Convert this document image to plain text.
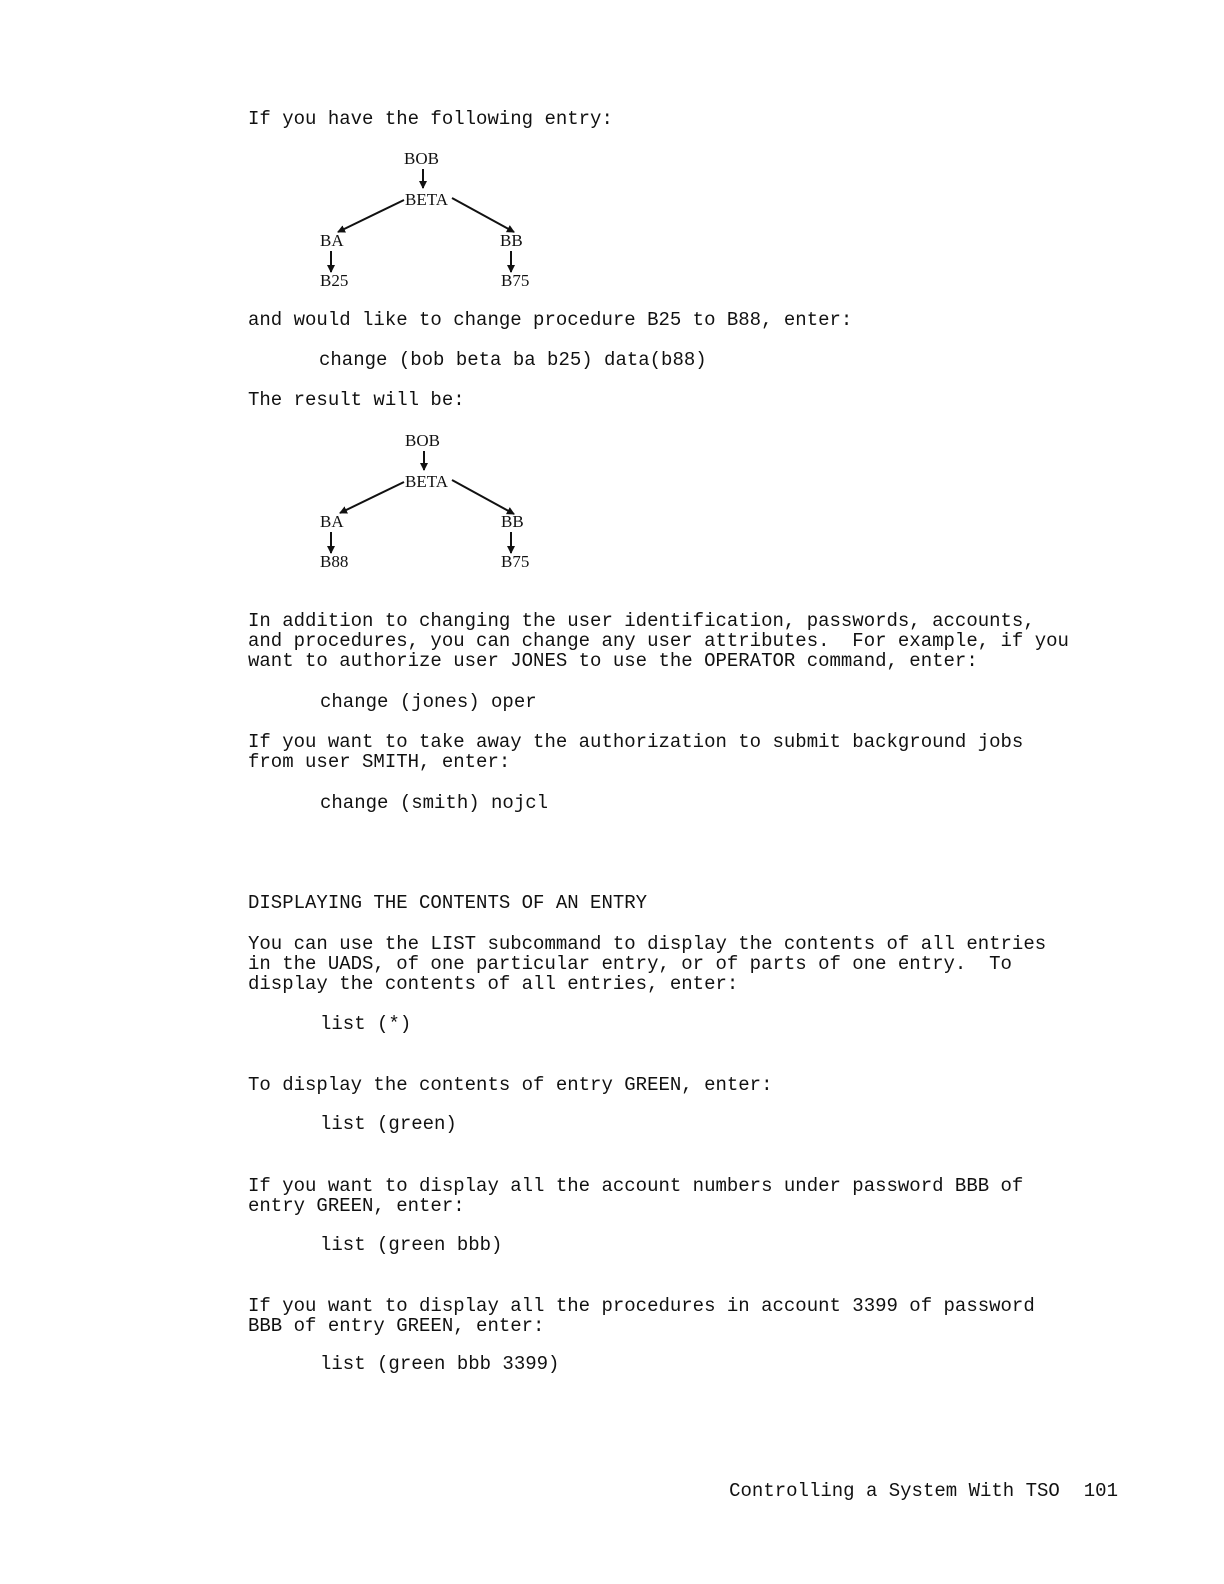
If you have the following entry:

BOB
BETA
BA	BB
B25	B75

and would like to change procedure B25 to B88, enter:

change (bob beta ba b25) data(b88)

The result will be:

BOB
BETA
BA	BB
B88	B75

In addition to changing the user identification, passwords, accounts,

and procedures, you can change any user attributes.  For example, if you

want to authorize user JONES to use the OPERATOR command, enter:

change (jones) oper

If you want to take away the authorization to submit background jobs

from user SMITH, enter:

change (smith) nojcl

DISPLAYING THE CONTENTS OF AN ENTRY

You can use the LIST subcommand to display the contents of all entries

in the UADS, of one particular entry, or of parts of one entry.  To

display the contents of all entries, enter:

list (*)

To display the contents of entry GREEN, enter:

list (green)

If you want to display all the account numbers under password BBB of

entry GREEN, enter:

list (green bbb)

If you want to display all the procedures in account 3399 of password

BBB of entry GREEN, enter:

list (green bbb 3399)

Controlling a System With TSO 101
